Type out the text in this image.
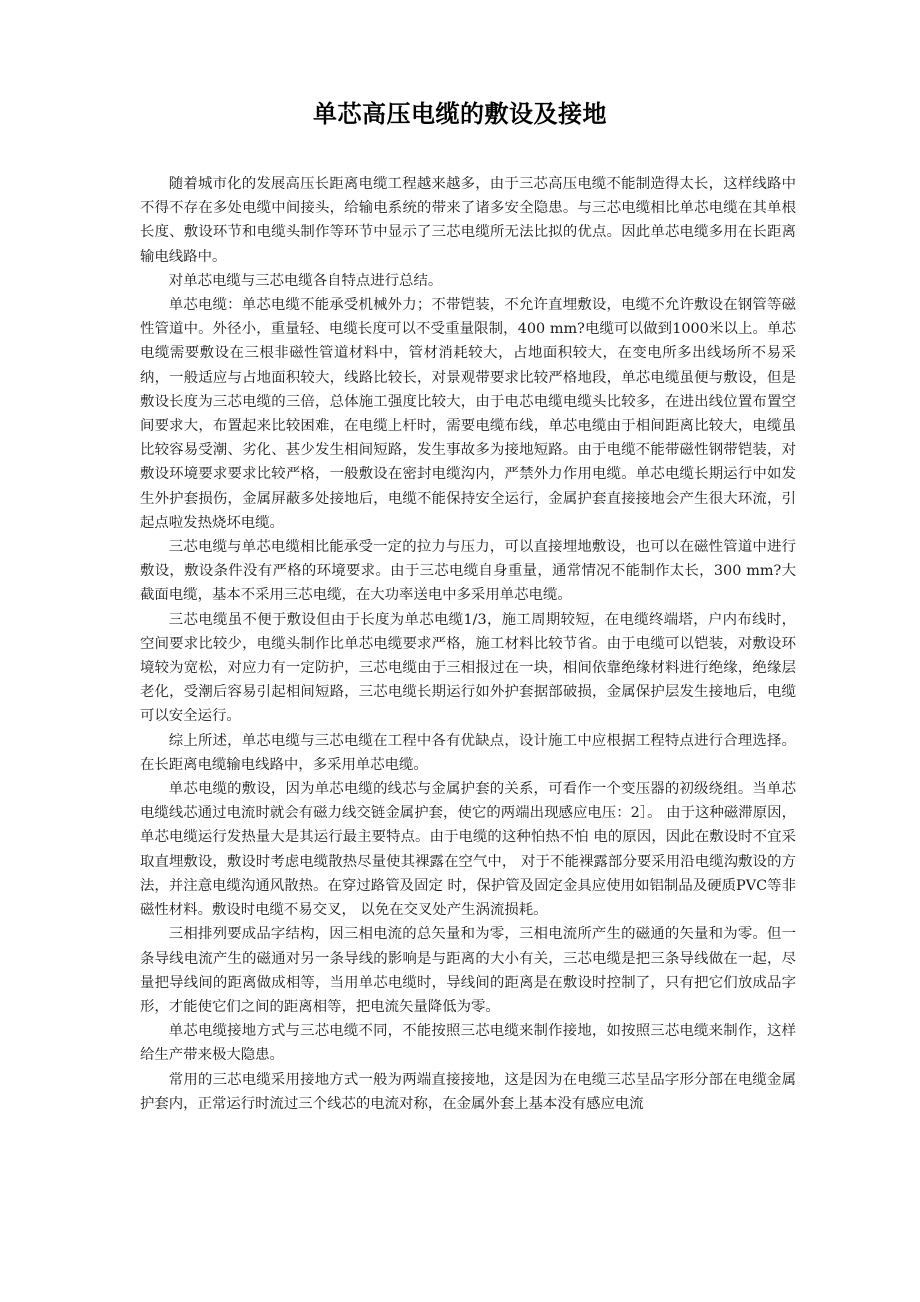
单芯高压电缆的敷设及接地

随着城市化的发展高压长距离电缆工程越来越多，由于三芯高压电缆不能制造得太长，这样线路中不得不存在多处电缆中间接头，给输电系统的带来了诸多安全隐患。与三芯电缆相比单芯电缆在其单根长度、敷设环节和电缆头制作等环节中显示了三芯电缆所无法比拟的优点。因此单芯电缆多用在长距离输电线路中。

对单芯电缆与三芯电缆各自特点进行总结。

单芯电缆：单芯电缆不能承受机械外力；不带铠装，不允许直埋敷设，电缆不允许敷设在钢管等磁性管道中。外径小，重量轻、电缆长度可以不受重量限制，400 mm?电缆可以做到1000米以上。单芯电缆需要敷设在三根非磁性管道材料中，管材消耗较大，占地面积较大，在变电所多出线场所不易采纳，一般适应与占地面积较大，线路比较长，对景观带要求比较严格地段，单芯电缆虽便与敷设，但是敷设长度为三芯电缆的三倍，总体施工强度比较大，由于电芯电缆电缆头比较多，在进出线位置布置空间要求大，布置起来比较困难，在电缆上杆时，需要电缆布线，单芯电缆由于相间距离比较大，电缆虽比较容易受潮、劣化、甚少发生相间短路，发生事故多为接地短路。由于电缆不能带磁性钢带铠装，对敷设环境要求要求比较严格，一般敷设在密封电缆沟内，严禁外力作用电缆。单芯电缆长期运行中如发生外护套损伤，金属屏蔽多处接地后，电缆不能保持安全运行，金属护套直接接地会产生很大环流，引起点啦发热烧坏电缆。

三芯电缆与单芯电缆相比能承受一定的拉力与压力，可以直接埋地敷设，也可以在磁性管道中进行敷设，敷设条件没有严格的环境要求。由于三芯电缆自身重量，通常情况不能制作太长，300 mm?大截面电缆，基本不采用三芯电缆，在大功率送电中多采用单芯电缆。

三芯电缆虽不便于敷设但由于长度为单芯电缆1/3，施工周期较短，在电缆终端塔，户内布线时，空间要求比较少，电缆头制作比单芯电缆要求严格，施工材料比较节省。由于电缆可以铠装，对敷设环境较为宽松，对应力有一定防护，三芯电缆由于三相报过在一块，相间依靠绝缘材料进行绝缘，绝缘层老化，受潮后容易引起相间短路，三芯电缆长期运行如外护套据部破损，金属保护层发生接地后，电缆可以安全运行。

综上所述，单芯电缆与三芯电缆在工程中各有优缺点，设计施工中应根据工程特点进行合理选择。在长距离电缆输电线路中，多采用单芯电缆。

单芯电缆的敷设，因为单芯电缆的线芯与金属护套的关系，可看作一个变压器的初级绕组。当单芯电缆线芯通过电流时就会有磁力线交链金属护套，使它的两端出现感应电压：2］。 由于这种磁滞原因，单芯电缆运行发热量大是其运行最主要特点。由于电缆的这种怕热不怕 电的原因，因此在敷设时不宜采取直埋敷设，敷设时考虑电缆散热尽量使其裸露在空气中， 对于不能裸露部分要采用沿电缆沟敷设的方法，并注意电缆沟通风散热。在穿过路管及固定 时，保护管及固定金具应使用如铝制品及硬质PVC等非磁性材料。敷设时电缆不易交叉， 以免在交叉处产生涡流损耗。

三相排列要成品字结构，因三相电流的总矢量和为零，三相电流所产生的磁通的矢量和为零。但一条导线电流产生的磁通对另一条导线的影响是与距离的大小有关，三芯电缆是把三条导线做在一起，尽量把导线间的距离做成相等，当用单芯电缆时，导线间的距离是在敷设时控制了，只有把它们放成品字形，才能使它们之间的距离相等，把电流矢量降低为零。

单芯电缆接地方式与三芯电缆不同，不能按照三芯电缆来制作接地，如按照三芯电缆来制作，这样给生产带来极大隐患。

常用的三芯电缆采用接地方式一般为两端直接接地，这是因为在电缆三芯呈品字形分部在电缆金属护套内，正常运行时流过三个线芯的电流对称，在金属外套上基本没有感应电流
